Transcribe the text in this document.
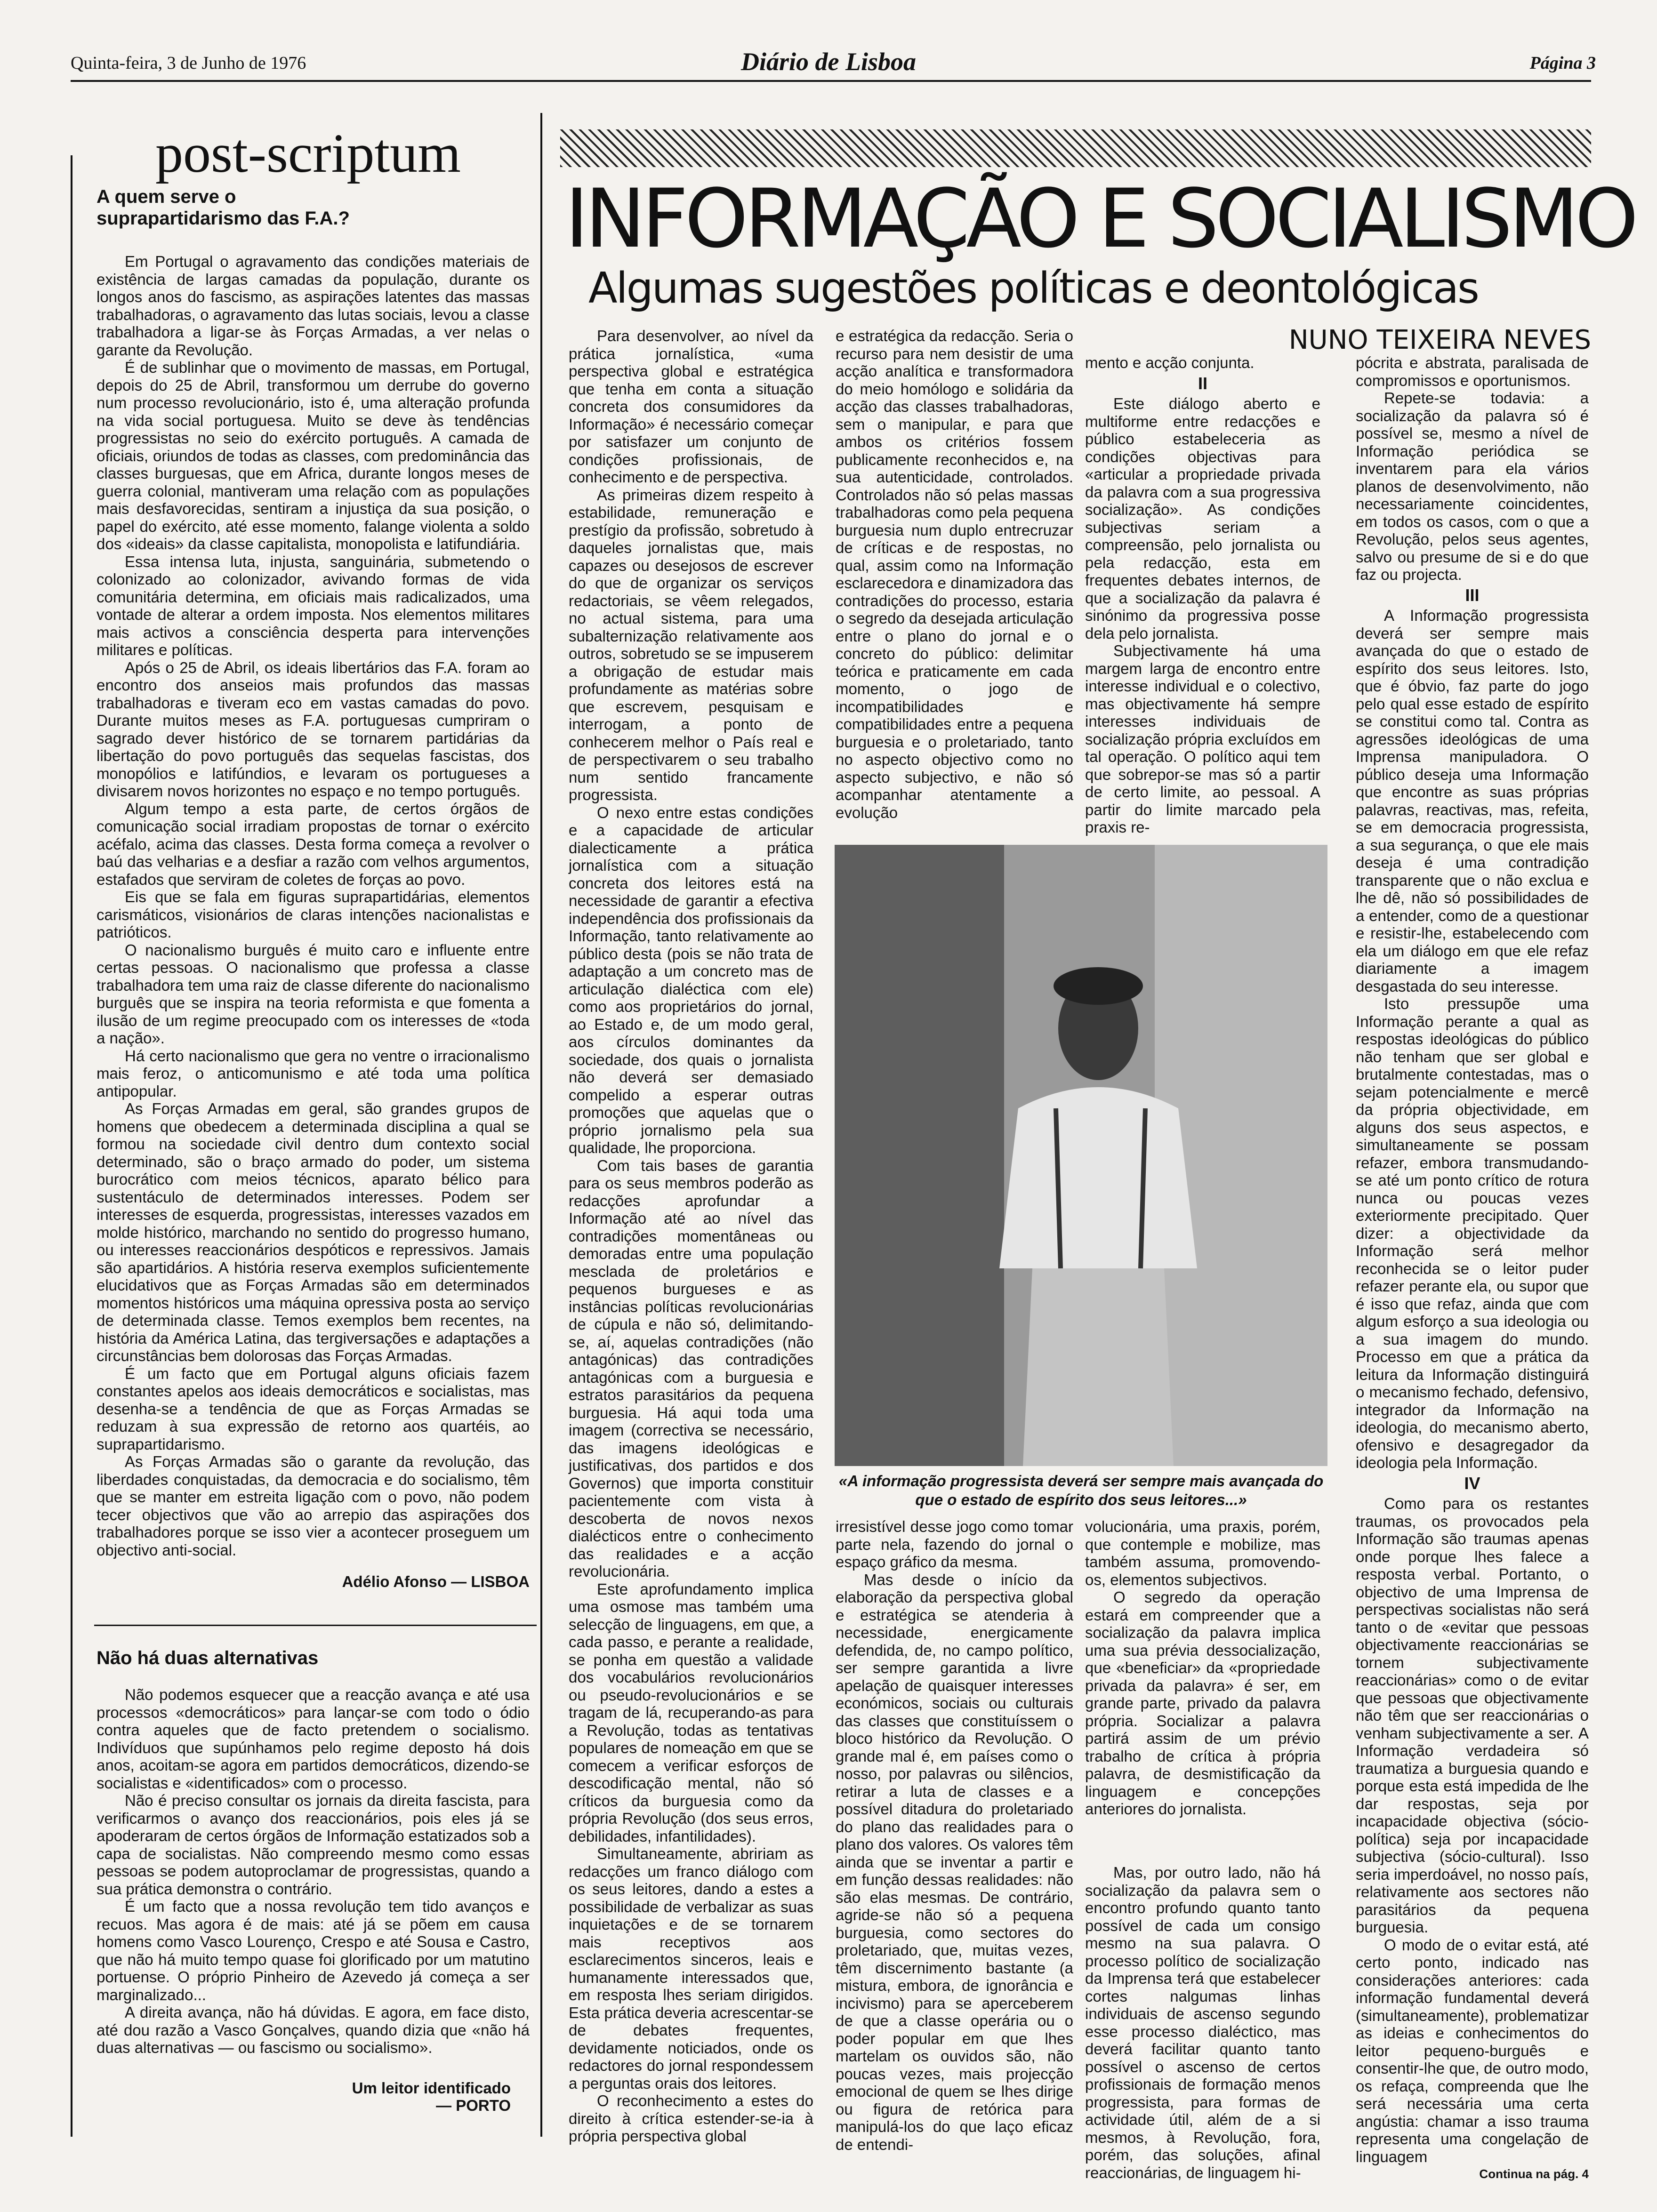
Quinta-feira, 3 de Junho de 1976	Diário de Lisboa	Página 3
post-scriptum
A quem serve o suprapartidarismo das F.A.?

Em Portugal o agravamento das condições materiais de existência de largas camadas da população, durante os longos anos do fascismo, as aspirações latentes das massas trabalhadoras, o agravamento das lutas sociais, levou a classe trabalhadora a ligar-se às Forças Armadas, a ver nelas o garante da Revolução.

É de sublinhar que o movimento de massas, em Portugal, depois do 25 de Abril, transformou um derrube do governo num processo revolucionário, isto é, uma alteração profunda na vida social portuguesa. Muito se deve às tendências progressistas no seio do exército português. A camada de oficiais, oriundos de todas as classes, com predominância das classes burguesas, que em Africa, durante longos meses de guerra colonial, mantiveram uma relação com as populações mais desfavorecidas, sentiram a injustiça da sua posição, o papel do exército, até esse momento, falange violenta a soldo dos «ideais» da classe capitalista, monopolista e latifundiária.

Essa intensa luta, injusta, sanguinária, submetendo o colonizado ao colonizador, avivando formas de vida comunitária determina, em oficiais mais radicalizados, uma vontade de alterar a ordem imposta. Nos elementos militares mais activos a consciência desperta para intervenções militares e políticas.

Após o 25 de Abril, os ideais libertários das F.A. foram ao encontro dos anseios mais profundos das massas trabalhadoras e tiveram eco em vastas camadas do povo. Durante muitos meses as F.A. portuguesas cumpriram o sagrado dever histórico de se tornarem partidárias da libertação do povo português das sequelas fascistas, dos monopólios e latifúndios, e levaram os portugueses a divisarem novos horizontes no espaço e no tempo português.

Algum tempo a esta parte, de certos órgãos de comunicação social irradiam propostas de tornar o exército acéfalo, acima das classes. Desta forma começa a revolver o baú das velharias e a desfiar a razão com velhos argumentos, estafados que serviram de coletes de forças ao povo.

Eis que se fala em figuras suprapartidárias, elementos carismáticos, visionários de claras intenções nacionalistas e patrióticos.

O nacionalismo burguês é muito caro e influente entre certas pessoas. O nacionalismo que professa a classe trabalhadora tem uma raiz de classe diferente do nacionalismo burguês que se inspira na teoria reformista e que fomenta a ilusão de um regime preocupado com os interesses de «toda a nação».

Há certo nacionalismo que gera no ventre o irracionalismo mais feroz, o anticomunismo e até toda uma política antipopular.

As Forças Armadas em geral, são grandes grupos de homens que obedecem a determinada disciplina a qual se formou na sociedade civil dentro dum contexto social determinado, são o braço armado do poder, um sistema burocrático com meios técnicos, aparato bélico para sustentáculo de determinados interesses. Podem ser interesses de esquerda, progressistas, interesses vazados em molde histórico, marchando no sentido do progresso humano, ou interesses reaccionários despóticos e repressivos. Jamais são apartidários. A história reserva exemplos suficientemente elucidativos que as Forças Armadas são em determinados momentos históricos uma máquina opressiva posta ao serviço de determinada classe. Temos exemplos bem recentes, na história da América Latina, das tergiversações e adaptações a circunstâncias bem dolorosas das Forças Armadas.

É um facto que em Portugal alguns oficiais fazem constantes apelos aos ideais democráticos e socialistas, mas desenha-se a tendência de que as Forças Armadas se reduzam à sua expressão de retorno aos quartéis, ao suprapartidarismo.

As Forças Armadas são o garante da revolução, das liberdades conquistadas, da democracia e do socialismo, têm que se manter em estreita ligação com o povo, não podem tecer objectivos que vão ao arrepio das aspirações dos trabalhadores porque se isso vier a acontecer proseguem um objectivo anti-social.

Adélio Afonso — LISBOA
Não há duas alternativas

Não podemos esquecer que a reacção avança e até usa processos «democráticos» para lançar-se com todo o ódio contra aqueles que de facto pretendem o socialismo. Indivíduos que supúnhamos pelo regime deposto há dois anos, acoitam-se agora em partidos democráticos, dizendo-se socialistas e «identificados» com o processo.

Não é preciso consultar os jornais da direita fascista, para verificarmos o avanço dos reaccionários, pois eles já se apoderaram de certos órgãos de Informação estatizados sob a capa de socialistas. Não compreendo mesmo como essas pessoas se podem autoproclamar de progressistas, quando a sua prática demonstra o contrário.

É um facto que a nossa revolução tem tido avanços e recuos. Mas agora é de mais: até já se põem em causa homens como Vasco Lourenço, Crespo e até Sousa e Castro, que não há muito tempo quase foi glorificado por um matutino portuense. O próprio Pinheiro de Azevedo já começa a ser marginalizado...

A direita avança, não há dúvidas. E agora, em face disto, até dou razão a Vasco Gonçalves, quando dizia que «não há duas alternativas — ou fascismo ou socialismo».

Um leitor identificado
— PORTO
INFORMAÇÃO E SOCIALISMO
Algumas sugestões políticas e deontológicas
NUNO TEIXEIRA NEVES

Para desenvolver, ao nível da prática jornalística, «uma perspectiva global e estratégica que tenha em conta a situação concreta dos consumidores da Informação» é necessário começar por satisfazer um conjunto de condições profissionais, de conhecimento e de perspectiva.

As primeiras dizem respeito à estabilidade, remuneração e prestígio da profissão, sobretudo à daqueles jornalistas que, mais capazes ou desejosos de escrever do que de organizar os serviços redactoriais, se vêem relegados, no actual sistema, para uma subalternização relativamente aos outros, sobretudo se se impuserem a obrigação de estudar mais profundamente as matérias sobre que escrevem, pesquisam e interrogam, a ponto de conhecerem melhor o País real e de perspectivarem o seu trabalho num sentido francamente progressista.

O nexo entre estas condições e a capacidade de articular dialecticamente a prática jornalística com a situação concreta dos leitores está na necessidade de garantir a efectiva independência dos profissionais da Informação, tanto relativamente ao público desta (pois se não trata de adaptação a um concreto mas de articulação dialéctica com ele) como aos proprietários do jornal, ao Estado e, de um modo geral, aos círculos dominantes da sociedade, dos quais o jornalista não deverá ser demasiado compelido a esperar outras promoções que aquelas que o próprio jornalismo pela sua qualidade, lhe proporciona.

Com tais bases de garantia para os seus membros poderão as redacções aprofundar a Informação até ao nível das contradições momentâneas ou demoradas entre uma população mesclada de proletários e pequenos burgueses e as instâncias políticas revolucionárias de cúpula e não só, delimitando-se, aí, aquelas contradições (não antagónicas) das contradições antagónicas com a burguesia e estratos parasitários da pequena burguesia. Há aqui toda uma imagem (correctiva se necessário, das imagens ideológicas e justificativas, dos partidos e dos Governos) que importa constituir pacientemente com vista à descoberta de novos nexos dialécticos entre o conhecimento das realidades e a acção revolucionária.

Este aprofundamento implica uma osmose mas também uma selecção de linguagens, em que, a cada passo, e perante a realidade, se ponha em questão a validade dos vocabulários revolucionários ou pseudo-revolucionários e se tragam de lá, recuperando-as para a Revolução, todas as tentativas populares de nomeação em que se comecem a verificar esforços de descodificação mental, não só críticos da burguesia como da própria Revolução (dos seus erros, debilidades, infantilidades).

Simultaneamente, abririam as redacções um franco diálogo com os seus leitores, dando a estes a possibilidade de verbalizar as suas inquietações e de se tornarem mais receptivos aos esclarecimentos sinceros, leais e humanamente interessados que, em resposta lhes seriam dirigidos. Esta prática deveria acrescentar-se de debates frequentes, devidamente noticiados, onde os redactores do jornal respondessem a perguntas orais dos leitores.

O reconhecimento a estes do direito à crítica estender-se-ia à própria perspectiva global

e estratégica da redacção. Seria o recurso para nem desistir de uma acção analítica e transformadora do meio homólogo e solidária da acção das classes trabalhadoras, sem o manipular, e para que ambos os critérios fossem publicamente reconhecidos e, na sua autenticidade, controlados. Controlados não só pelas massas trabalhadoras como pela pequena burguesia num duplo entrecruzar de críticas e de respostas, no qual, assim como na Informação esclarecedora e dinamizadora das contradições do processo, estaria o segredo da desejada articulação entre o plano do jornal e o concreto do público: delimitar teórica e praticamente em cada momento, o jogo de incompatibilidades e compatibilidades entre a pequena burguesia e o proletariado, tanto no aspecto objectivo como no aspecto subjectivo, e não só acompanhar atentamente a evolução

mento e acção conjunta.

II

Este diálogo aberto e multiforme entre redacções e público estabeleceria as condições objectivas para «articular a propriedade privada da palavra com a sua progressiva socialização». As condições subjectivas seriam a compreensão, pelo jornalista ou pela redacção, esta em frequentes debates internos, de que a socialização da palavra é sinónimo da progressiva posse dela pelo jornalista.

Subjectivamente há uma margem larga de encontro entre interesse individual e o colectivo, mas objectivamente há sempre interesses individuais de socialização própria excluídos em tal operação. O político aqui tem que sobrepor-se mas só a partir de certo limite, ao pessoal. A partir do limite marcado pela praxis re-

pócrita e abstrata, paralisada de compromissos e oportunismos.

Repete-se todavia: a socialização da palavra só é possível se, mesmo a nível de Informação periódica se inventarem para ela vários planos de desenvolvimento, não necessariamente coincidentes, em todos os casos, com o que a Revolução, pelos seus agentes, salvo ou presume de si e do que faz ou projecta.

III

A Informação progressista deverá ser sempre mais avançada do que o estado de espírito dos seus leitores. Isto, que é óbvio, faz parte do jogo pelo qual esse estado de espírito se constitui como tal. Contra as agressões ideológicas de uma Imprensa manipuladora. O público deseja uma Informação que encontre as suas próprias palavras, reactivas, mas, refeita, se em democracia progressista, a sua segurança, o que ele mais deseja é uma contradição transparente que o não exclua e lhe dê, não só possibilidades de a entender, como de a questionar e resistir-lhe, estabelecendo com ela um diálogo em que ele refaz diariamente a imagem desgastada do seu interesse.

Isto pressupõe uma Informação perante a qual as respostas ideológicas do público não tenham que ser global e brutalmente contestadas, mas o sejam potencialmente e mercê da própria objectividade, em alguns dos seus aspectos, e simultaneamente se possam refazer, embora transmudando-se até um ponto crítico de rotura nunca ou poucas vezes exteriormente precipitado. Quer dizer: a objectividade da Informação será melhor reconhecida se o leitor puder refazer perante ela, ou supor que é isso que refaz, ainda que com algum esforço a sua ideologia ou a sua imagem do mundo. Processo em que a prática da leitura da Informação distinguirá o mecanismo fechado, defensivo, integrador da Informação na ideologia, do mecanismo aberto, ofensivo e desagregador da ideologia pela Informação.

IV

Como para os restantes traumas, os provocados pela Informação são traumas apenas onde porque lhes falece a resposta verbal. Portanto, o objectivo de uma Imprensa de perspectivas socialistas não será tanto o de «evitar que pessoas objectivamente reaccionárias se tornem subjectivamente reaccionárias» como o de evitar que pessoas que objectivamente não têm que ser reaccionárias o venham subjectivamente a ser. A Informação verdadeira só traumatiza a burguesia quando e porque esta está impedida de lhe dar respostas, seja por incapacidade objectiva (sócio-política) seja por incapacidade subjectiva (sócio-cultural). Isso seria imperdoável, no nosso país, relativamente aos sectores não parasitários da pequena burguesia.

O modo de o evitar está, até certo ponto, indicado nas considerações anteriores: cada informação fundamental deverá (simultaneamente), problematizar as ideias e conhecimentos do leitor pequeno-burguês e consentir-lhe que, de outro modo, os refaça, compreenda que lhe será necessária uma certa angústia: chamar a isso trauma representa uma congelação de linguagem

Continua na pág. 4
«A informação progressista deverá ser sempre mais avançada do que o estado de espírito dos seus leitores...»

irresistível desse jogo como tomar parte nela, fazendo do jornal o espaço gráfico da mesma.

Mas desde o início da elaboração da perspectiva global e estratégica se atenderia à necessidade, energicamente defendida, de, no campo político, ser sempre garantida a livre apelação de quaisquer interesses económicos, sociais ou culturais das classes que constituíssem o bloco histórico da Revolução. O grande mal é, em países como o nosso, por palavras ou silêncios, retirar a luta de classes e a possível ditadura do proletariado do plano das realidades para o plano dos valores. Os valores têm ainda que se inventar a partir e em função dessas realidades: não são elas mesmas. De contrário, agride-se não só a pequena burguesia, como sectores do proletariado, que, muitas vezes, têm discernimento bastante (a mistura, embora, de ignorância e incivismo) para se aperceberem de que a classe operária ou o poder popular em que lhes martelam os ouvidos são, não poucas vezes, mais projecção emocional de quem se lhes dirige ou figura de retórica para manipulá-los do que laço eficaz de entendi-

volucionária, uma praxis, porém, que contemple e mobilize, mas também assuma, promovendo-os, elementos subjectivos.

O segredo da operação estará em compreender que a socialização da palavra implica uma sua prévia dessocialização, que «beneficiar» da «propriedade privada da palavra» é ser, em grande parte, privado da palavra própria. Socializar a palavra partirá assim de um prévio trabalho de crítica à própria palavra, de desmistificação da linguagem e concepções anteriores do jornalista.

Mas, por outro lado, não há socialização da palavra sem o encontro profundo quanto tanto possível de cada um consigo mesmo na sua palavra. O processo político de socialização da Imprensa terá que estabelecer cortes nalgumas linhas individuais de ascenso segundo esse processo dialéctico, mas deverá facilitar quanto tanto possível o ascenso de certos profissionais de formação menos progressista, para formas de actividade útil, além de a si mesmos, à Revolução, fora, porém, das soluções, afinal reaccionárias, de linguagem hi-
